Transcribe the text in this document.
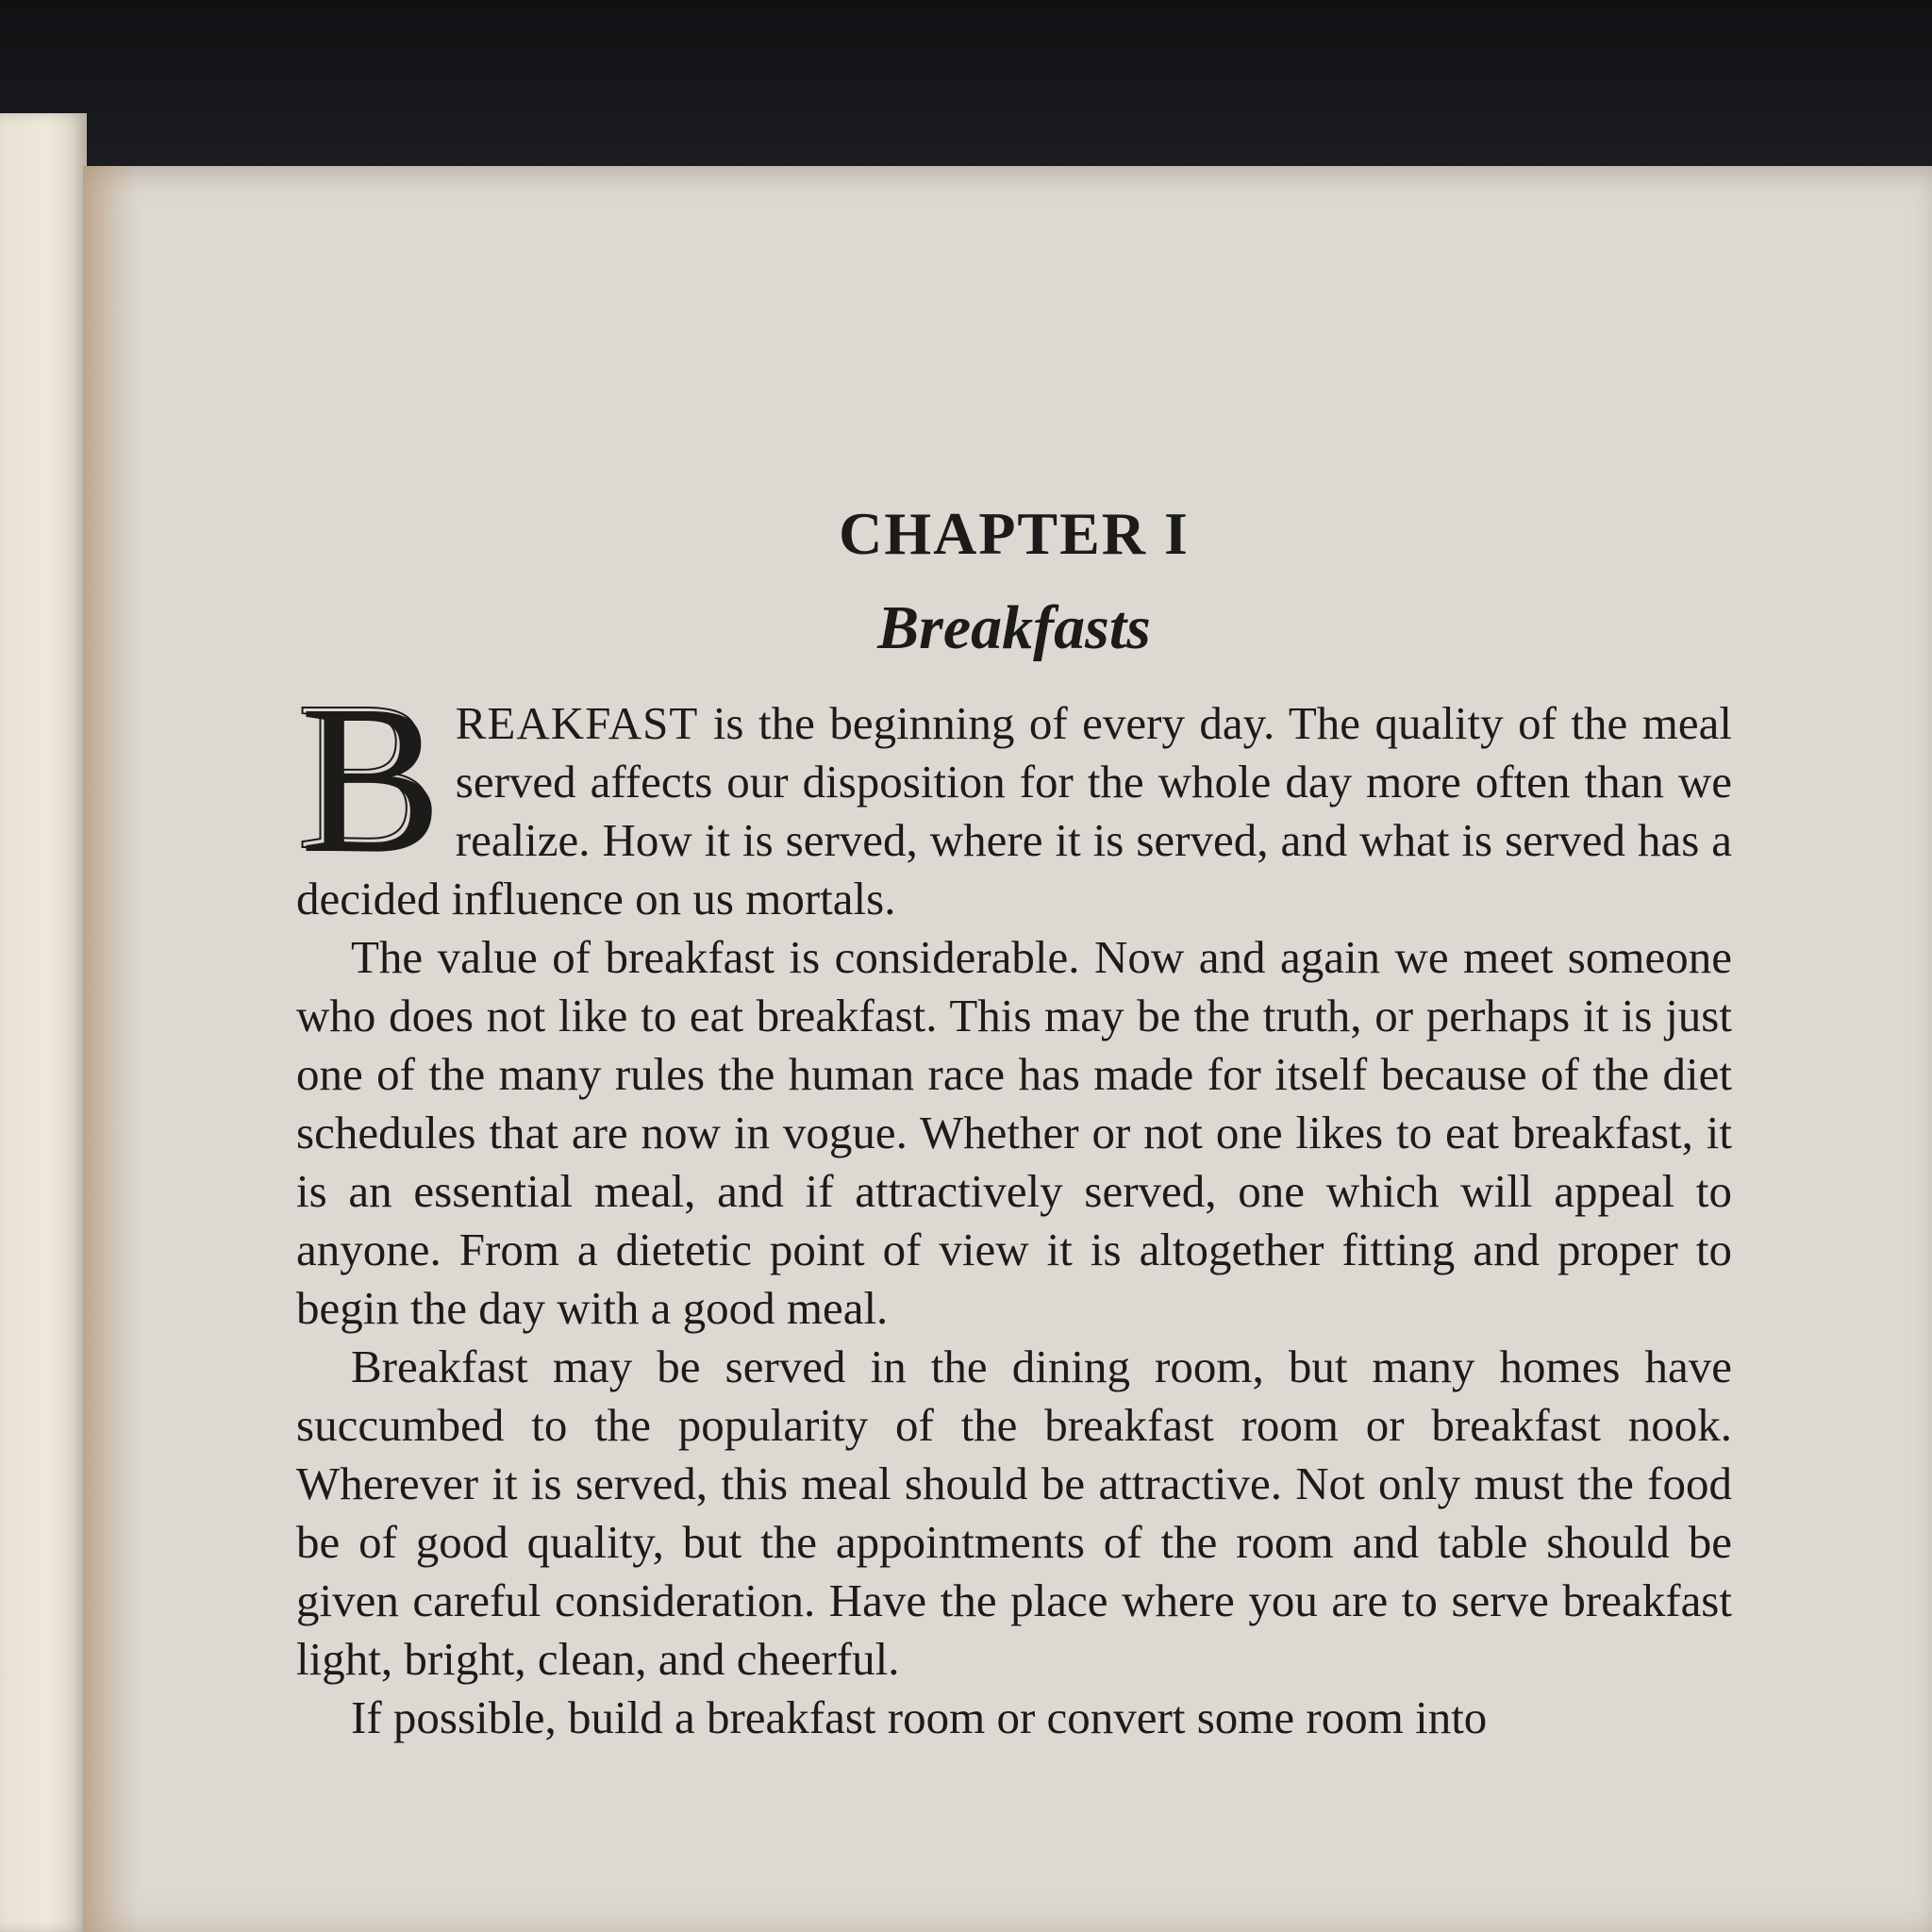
CHAPTER I
Breakfasts

BREAKFAST is the beginning of every day. The quality of the meal served affects our disposition for the whole day more often than we realize. How it is served, where it is served, and what is served has a decided influence on us mortals.

The value of breakfast is considerable. Now and again we meet someone who does not like to eat breakfast. This may be the truth, or perhaps it is just one of the many rules the human race has made for itself because of the diet schedules that are now in vogue. Whether or not one likes to eat breakfast, it is an essential meal, and if attractively served, one which will appeal to anyone. From a dietetic point of view it is altogether fitting and proper to begin the day with a good meal.

Breakfast may be served in the dining room, but many homes have succumbed to the popularity of the breakfast room or breakfast nook. Wherever it is served, this meal should be attractive. Not only must the food be of good quality, but the appointments of the room and table should be given careful consideration. Have the place where you are to serve breakfast light, bright, clean, and cheerful.

If possible, build a breakfast room or convert some room into
